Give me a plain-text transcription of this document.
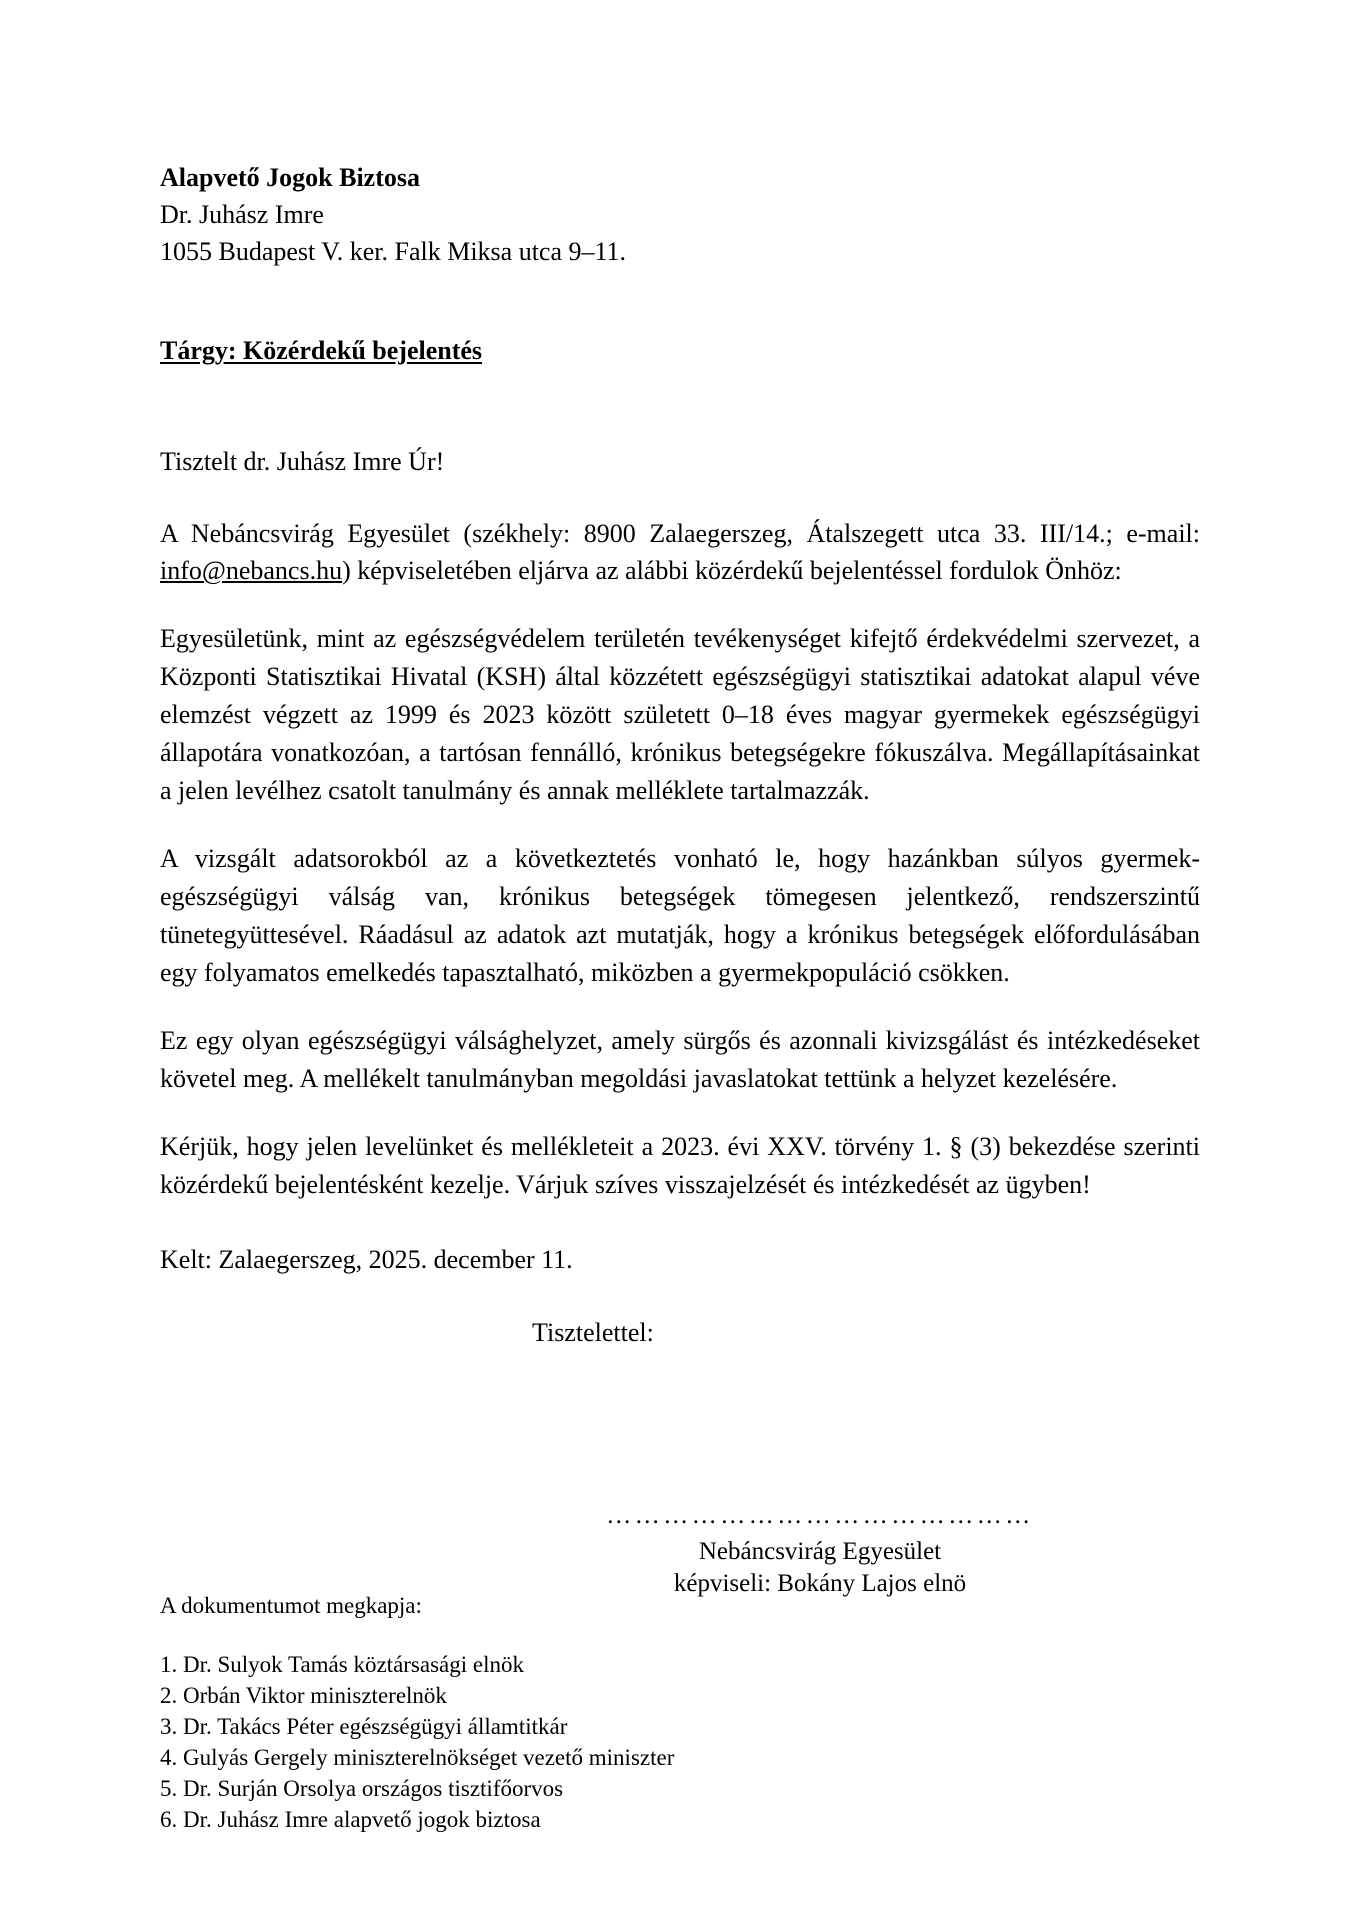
Alapvető Jogok Biztosa
Dr. Juhász Imre
1055 Budapest V. ker. Falk Miksa utca 9–11.
Tárgy: Közérdekű bejelentés
Tisztelt dr. Juhász Imre Úr!

A Nebáncsvirág Egyesület (székhely: 8900 Zalaegerszeg, Átalszegett utca 33. III/14.; e-mail: info@nebancs.hu) képviseletében eljárva az alábbi közérdekű bejelentéssel fordulok Önhöz:

Egyesületünk, mint az egészségvédelem területén tevékenységet kifejtő érdekvédelmi szervezet, a Központi Statisztikai Hivatal (KSH) által közzétett egészségügyi statisztikai adatokat alapul véve elemzést végzett az 1999 és 2023 között született 0–18 éves magyar gyermekek egészségügyi állapotára vonatkozóan, a tartósan fennálló, krónikus betegségekre fókuszálva. Megállapításainkat a jelen levélhez csatolt tanulmány és annak melléklete tartalmazzák.

A vizsgált adatsorokból az a következtetés vonható le, hogy hazánkban súlyos gyermek-egészségügyi válság van, krónikus betegségek tömegesen jelentkező, rendszerszintű tünetegyüttesével. Ráadásul az adatok azt mutatják, hogy a krónikus betegségek előfordulásában egy folyamatos emelkedés tapasztalható, miközben a gyermekpopuláció csökken.

Ez egy olyan egészségügyi válsághelyzet, amely sürgős és azonnali kivizsgálást és intézkedéseket követel meg. A mellékelt tanulmányban megoldási javaslatokat tettünk a helyzet kezelésére.

Kérjük, hogy jelen levelünket és mellékleteit a 2023. évi XXV. törvény 1. § (3) bekezdése szerinti közérdekű bejelentésként kezelje. Várjuk szíves visszajelzését és intézkedését az ügyben!

Kelt: Zalaegerszeg, 2025. december 11.

Tisztelettel:

………………………………………
Nebáncsvirág Egyesület
képviseli: Bokány Lajos elnö
A dokumentumot megkapja:
1. Dr. Sulyok Tamás köztársasági elnök
2. Orbán Viktor miniszterelnök
3. Dr. Takács Péter egészségügyi államtitkár
4. Gulyás Gergely miniszterelnökséget vezető miniszter
5. Dr. Surján Orsolya országos tisztifőorvos
6. Dr. Juhász Imre alapvető jogok biztosa
